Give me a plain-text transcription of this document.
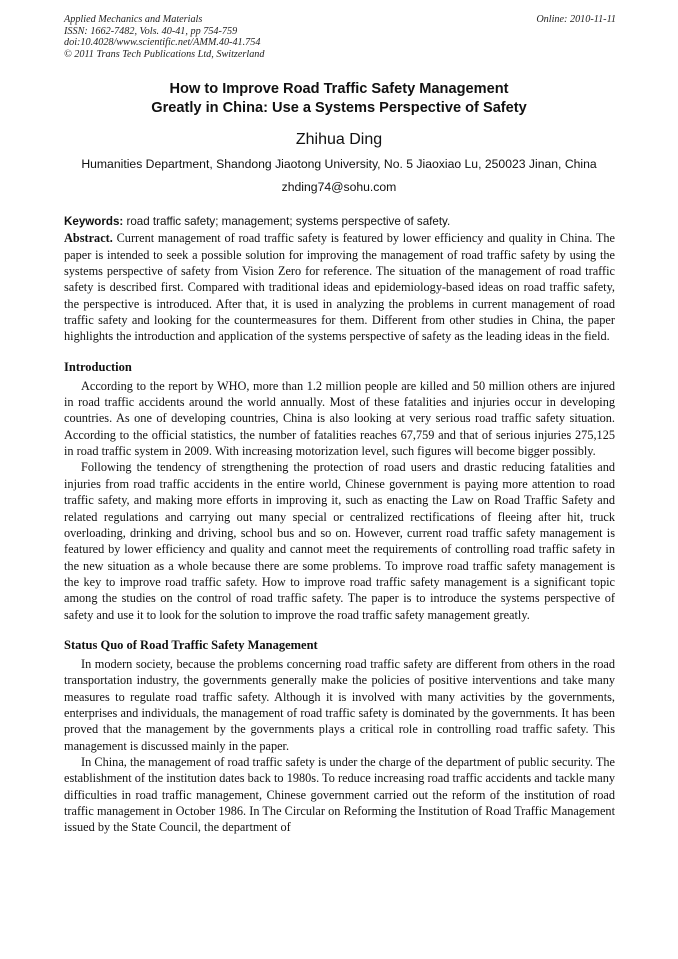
Applied Mechanics and Materials
ISSN: 1662-7482, Vols. 40-41, pp 754-759
doi:10.4028/www.scientific.net/AMM.40-41.754
© 2011 Trans Tech Publications Ltd, Switzerland
Online: 2010-11-11
How to Improve Road Traffic Safety Management
Greatly in China: Use a Systems Perspective of Safety
Zhihua Ding
Humanities Department, Shandong Jiaotong University, No. 5 Jiaoxiao Lu, 250023 Jinan, China
zhding74@sohu.com

Keywords: road traffic safety; management; systems perspective of safety.

Abstract. Current management of road traffic safety is featured by lower efficiency and quality in China. The paper is intended to seek a possible solution for improving the management of road traffic safety by using the systems perspective of safety from Vision Zero for reference. The situation of the management of road traffic safety is described first. Compared with traditional ideas and epidemiology-based ideas on road traffic safety, the perspective is introduced. After that, it is used in analyzing the problems in current management of road traffic safety and looking for the countermeasures for them. Different from other studies in China, the paper highlights the introduction and application of the systems perspective of safety as the leading ideas in the field.

Introduction

According to the report by WHO, more than 1.2 million people are killed and 50 million others are injured in road traffic accidents around the world annually. Most of these fatalities and injuries occur in developing countries. As one of developing countries, China is also looking at very serious road traffic safety situation. According to the official statistics, the number of fatalities reaches 67,759 and that of serious injuries 275,125 in road traffic system in 2009. With increasing motorization level, such figures will become bigger possibly.

Following the tendency of strengthening the protection of road users and drastic reducing fatalities and injuries from road traffic accidents in the entire world, Chinese government is paying more attention to road traffic safety, and making more efforts in improving it, such as enacting the Law on Road Traffic Safety and related regulations and carrying out many special or centralized rectifications of fleeing after hit, truck overloading, drinking and driving, school bus and so on. However, current road traffic safety management is featured by lower efficiency and quality and cannot meet the requirements of controlling road traffic safety in the new situation as a whole because there are some problems. To improve road traffic safety management is the key to improve road traffic safety. How to improve road traffic safety management is a significant topic among the studies on the control of road traffic safety. The paper is to introduce the systems perspective of safety and use it to look for the solution to improve the road traffic safety management greatly.

Status Quo of Road Traffic Safety Management

In modern society, because the problems concerning road traffic safety are different from others in the road transportation industry, the governments generally make the policies of positive interventions and take many measures to regulate road traffic safety. Although it is involved with many activities by the governments, enterprises and individuals, the management of road traffic safety is dominated by the governments. It has been proved that the management by the governments plays a critical role in controlling road traffic safety. This management is discussed mainly in the paper.

In China, the management of road traffic safety is under the charge of the department of public security. The establishment of the institution dates back to 1980s. To reduce increasing road traffic accidents and tackle many difficulties in road traffic management, Chinese government carried out the reform of the institution of road traffic management in October 1986. In The Circular on Reforming the Institution of Road Traffic Management issued by the State Council, the department of
